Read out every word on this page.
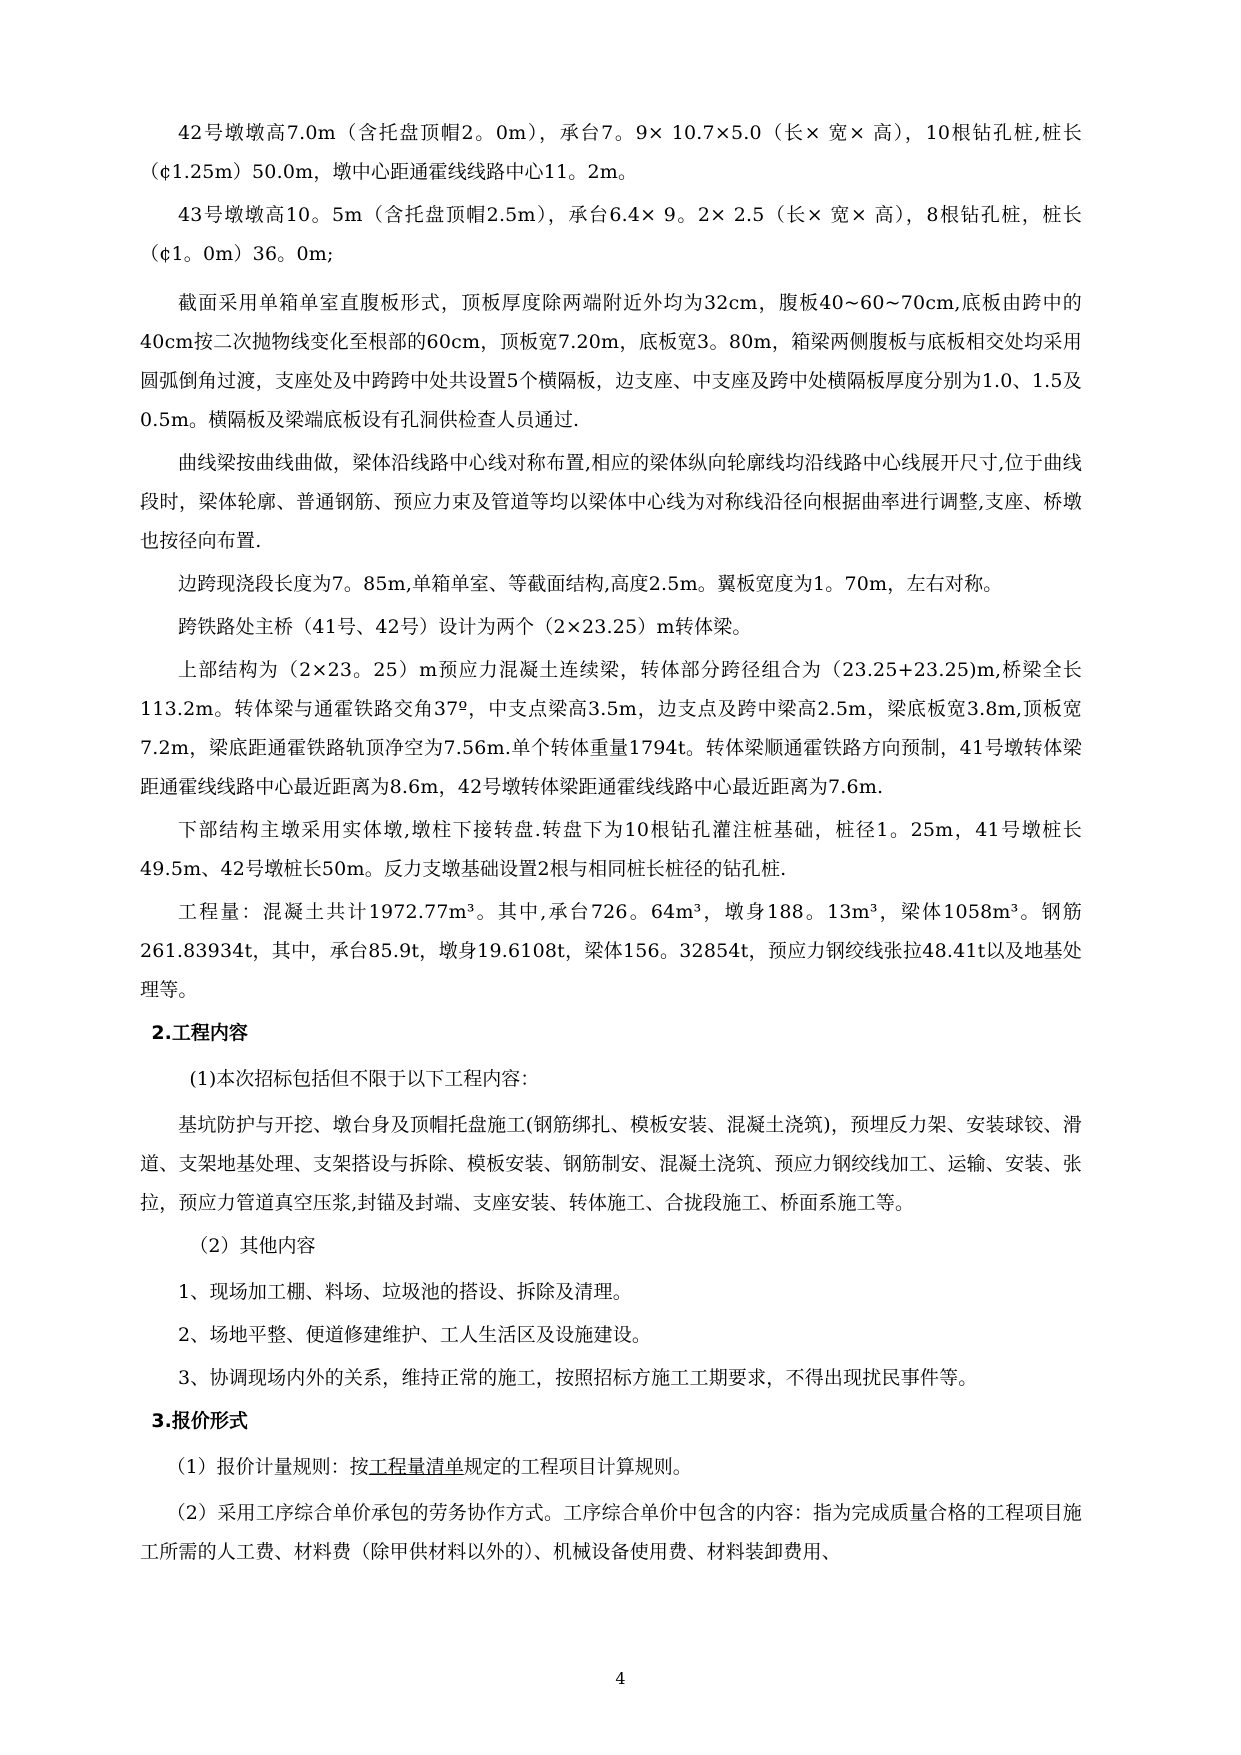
42号墩墩高7.0m（含托盘顶帽2。0m），承台7。9× 10.7×5.0（长× 宽× 高），10根钻孔桩,桩长（¢1.25m）50.0m，墩中心距通霍线线路中心11。2m。

43号墩墩高10。5m（含托盘顶帽2.5m），承台6.4× 9。2× 2.5（长× 宽× 高），8根钻孔桩，桩长（¢1。0m）36。0m;

截面采用单箱单室直腹板形式，顶板厚度除两端附近外均为32cm，腹板40~60~70cm,底板由跨中的40cm按二次抛物线变化至根部的60cm，顶板宽7.20m，底板宽3。80m，箱梁两侧腹板与底板相交处均采用圆弧倒角过渡，支座处及中跨跨中处共设置5个横隔板，边支座、中支座及跨中处横隔板厚度分别为1.0、1.5及0.5m。横隔板及梁端底板设有孔洞供检查人员通过.

曲线梁按曲线曲做，梁体沿线路中心线对称布置,相应的梁体纵向轮廓线均沿线路中心线展开尺寸,位于曲线段时，梁体轮廓、普通钢筋、预应力束及管道等均以梁体中心线为对称线沿径向根据曲率进行调整,支座、桥墩也按径向布置.

边跨现浇段长度为7。85m,单箱单室、等截面结构,高度2.5m。翼板宽度为1。70m，左右对称。

跨铁路处主桥（41号、42号）设计为两个（2×23.25）m转体梁。

上部结构为（2×23。25）m预应力混凝土连续梁，转体部分跨径组合为（23.25+23.25)m,桥梁全长113.2m。转体梁与通霍铁路交角37º，中支点梁高3.5m，边支点及跨中梁高2.5m，梁底板宽3.8m,顶板宽7.2m，梁底距通霍铁路轨顶净空为7.56m.单个转体重量1794t。转体梁顺通霍铁路方向预制，41号墩转体梁距通霍线线路中心最近距离为8.6m，42号墩转体梁距通霍线线路中心最近距离为7.6m.

下部结构主墩采用实体墩,墩柱下接转盘.转盘下为10根钻孔灌注桩基础，桩径1。25m，41号墩桩长49.5m、42号墩桩长50m。反力支墩基础设置2根与相同桩长桩径的钻孔桩.

工程量：混凝土共计1972.77m³。其中,承台726。64m³，墩身188。13m³，梁体1058m³。钢筋261.83934t，其中，承台85.9t，墩身19.6108t，梁体156。32854t，预应力钢绞线张拉48.41t以及地基处理等。

2.工程内容
(1)本次招标包括但不限于以下工程内容：

基坑防护与开挖、墩台身及顶帽托盘施工(钢筋绑扎、模板安装、混凝土浇筑)，预埋反力架、安装球铰、滑道、支架地基处理、支架搭设与拆除、模板安装、钢筋制安、混凝土浇筑、预应力钢绞线加工、运输、安装、张拉，预应力管道真空压浆,封锚及封端、支座安装、转体施工、合拢段施工、桥面系施工等。

（2）其他内容

1、现场加工棚、料场、垃圾池的搭设、拆除及清理。

2、场地平整、便道修建维护、工人生活区及设施建设。

3、协调现场内外的关系，维持正常的施工，按照招标方施工工期要求，不得出现扰民事件等。

3.报价形式
（1）报价计量规则：按工程量清单规定的工程项目计算规则。

（2）采用工序综合单价承包的劳务协作方式。工序综合单价中包含的内容：指为完成质量合格的工程项目施工所需的人工费、材料费（除甲供材料以外的）、机械设备使用费、材料装卸费用、

4
